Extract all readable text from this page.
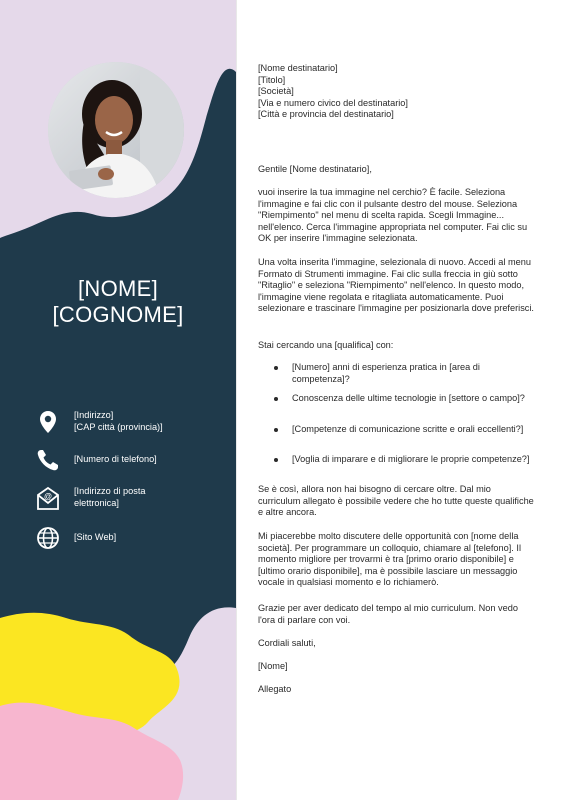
[NOME]
[COGNOME]
[Indirizzo]
[CAP città (provincia)]
[Numero di telefono]
@
[Indirizzo di posta
elettronica]
[Sito Web]
[Nome destinatario]
[Titolo]
[Società]
[Via e numero civico del destinatario]
[Città e provincia del destinatario]
Gentile [Nome destinatario],
vuoi inserire la tua immagine nel cerchio? È facile. Seleziona l'immagine e fai clic con il pulsante destro del mouse. Seleziona "Riempimento" nel menu di scelta rapida. Scegli Immagine... nell'elenco. Cerca l'immagine appropriata nel computer. Fai clic su OK per inserire l'immagine selezionata.
Una volta inserita l'immagine, selezionala di nuovo. Accedi al menu Formato di Strumenti immagine. Fai clic sulla freccia in giù sotto "Ritaglio" e seleziona "Riempimento" nell'elenco. In questo modo, l'immagine viene regolata e ritagliata automaticamente. Puoi selezionare e trascinare l'immagine per posizionarla dove preferisci.
Stai cercando una [qualifica] con:
[Numero] anni di esperienza pratica in [area di competenza]?
Conoscenza delle ultime tecnologie in [settore o campo]?
[Competenze di comunicazione scritte e orali eccellenti?]
[Voglia di imparare e di migliorare le proprie competenze?]
Se è così, allora non hai bisogno di cercare oltre. Dal mio curriculum allegato è possibile vedere che ho tutte queste qualifiche e altre ancora.
Mi piacerebbe molto discutere delle opportunità con [nome della società]. Per programmare un colloquio, chiamare al [telefono]. Il momento migliore per trovarmi è tra [primo orario disponibile] e [ultimo orario disponibile], ma è possibile lasciare un messaggio vocale in qualsiasi momento e lo richiamerò.
Grazie per aver dedicato del tempo al mio curriculum. Non vedo l'ora di parlare con voi.
Cordiali saluti,
[Nome]
Allegato
